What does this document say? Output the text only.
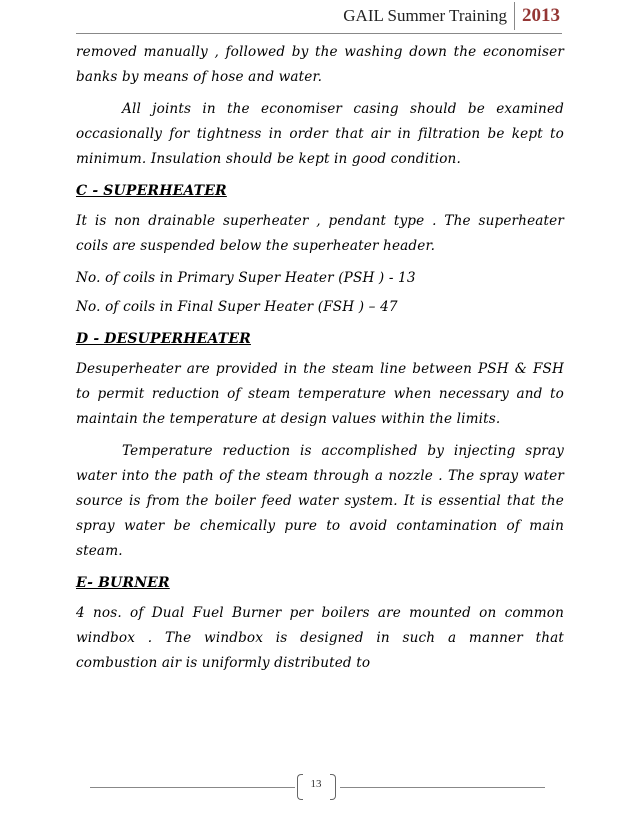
GAIL Summer Training 2013

removed manually , followed by the washing down the economiser banks by means of hose and water.

All joints in the economiser casing should be examined occasionally for tightness in order that air in filtration be kept to minimum. Insulation should be kept in good condition.

C - SUPERHEATER

It is non drainable superheater , pendant type . The superheater coils are suspended below the superheater header.

No. of coils in Primary Super Heater (PSH ) - 13

No. of coils in Final Super Heater (FSH ) – 47

D - DESUPERHEATER

Desuperheater are provided in the steam line between PSH & FSH to permit reduction of steam temperature when necessary and to maintain the temperature at design values within the limits.

Temperature reduction is accomplished by injecting spray water into the path of the steam through a nozzle . The spray water source is from the boiler feed water system. It is essential that the spray water be chemically pure to avoid contamination of main steam.

E- BURNER

4 nos. of Dual Fuel Burner per boilers are mounted on common windbox . The windbox is designed in such a manner that combustion air is uniformly distributed to

13
